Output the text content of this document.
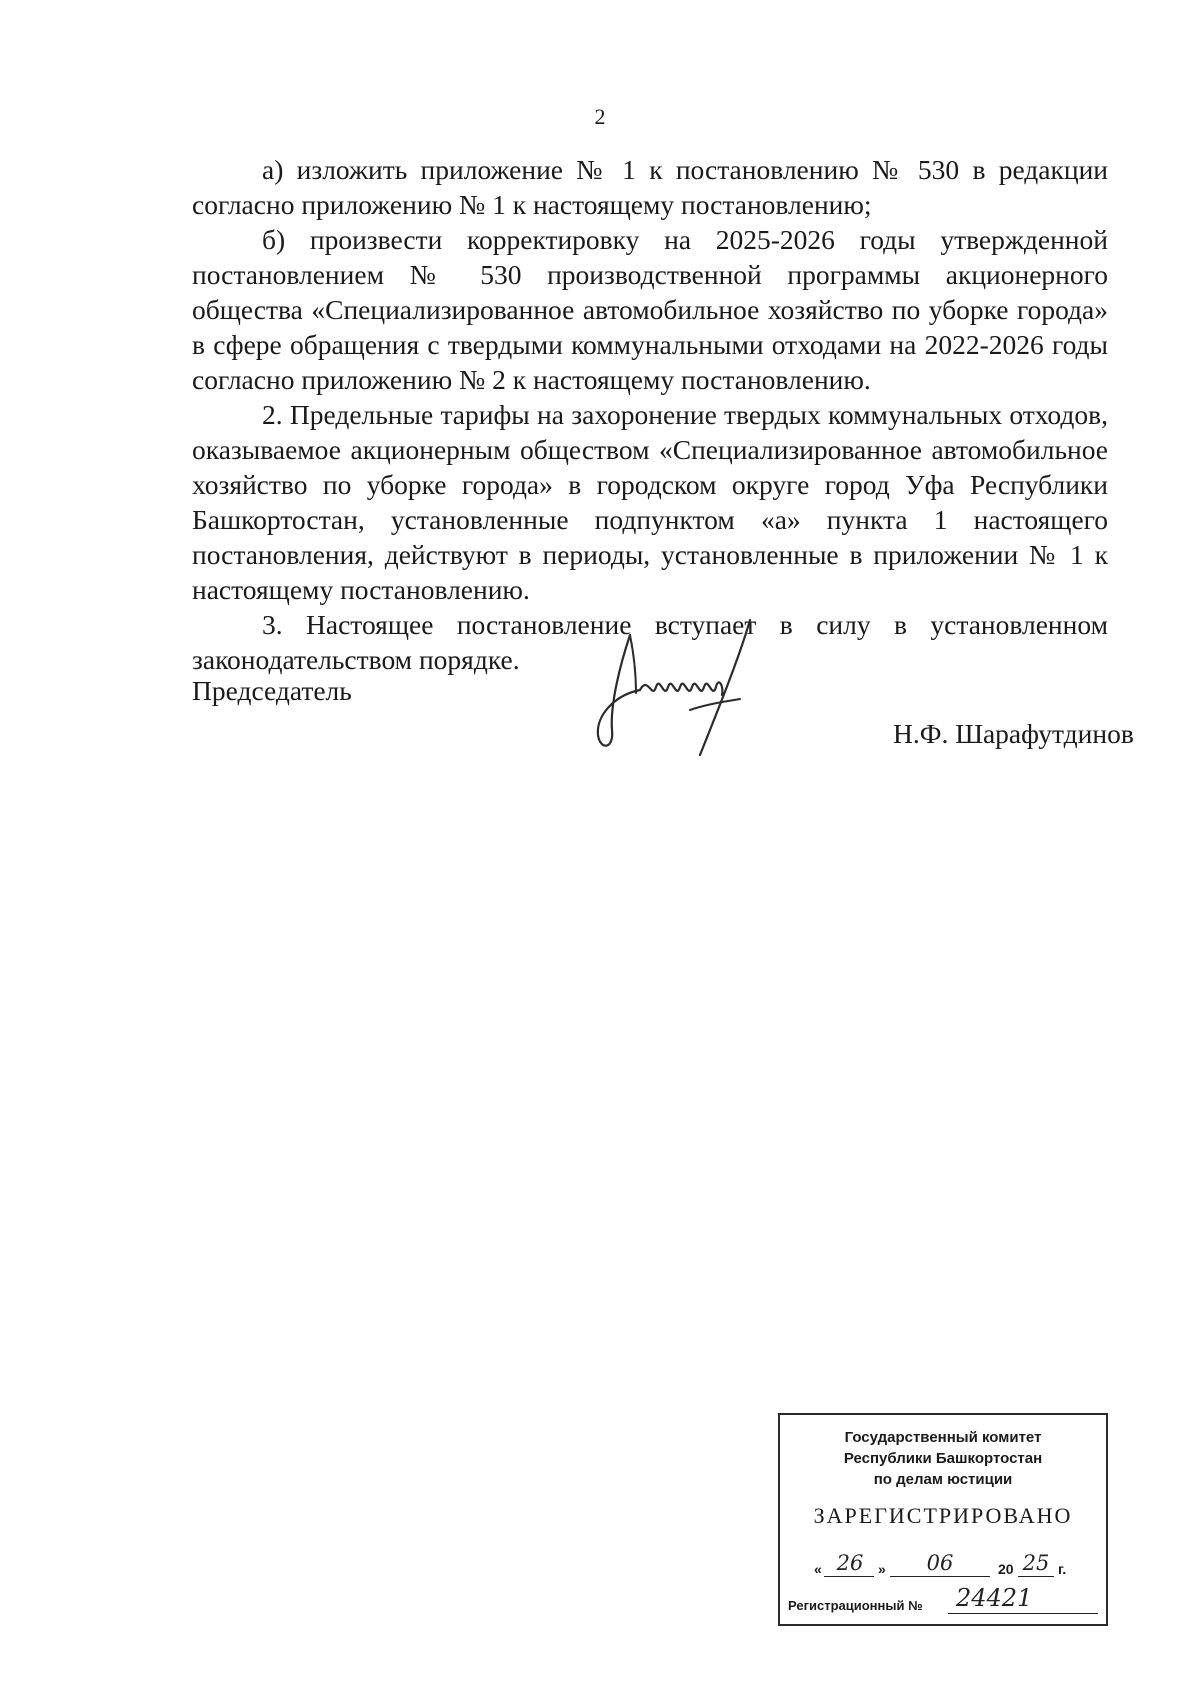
2

а) изложить приложение № 1 к постановлению № 530 в редакции согласно приложению № 1 к настоящему постановлению;

б) произвести корректировку на 2025-2026 годы утвержденной постановлением № 530 производственной программы акционерного общества «Специализированное автомобильное хозяйство по уборке города» в сфере обращения с твердыми коммунальными отходами на 2022-2026 годы согласно приложению № 2 к настоящему постановлению.

2. Предельные тарифы на захоронение твердых коммунальных отходов, оказываемое акционерным обществом «Специализированное автомобильное хозяйство по уборке города» в городском округе город Уфа Республики Башкортостан, установленные подпунктом «а» пункта 1 настоящего постановления, действуют в периоды, установленные в приложении № 1 к настоящему постановлению.

3. Настоящее постановление вступает в силу в установленном законодательством порядке.

Председатель
Н.Ф. Шарафутдинов
Государственный комитет
Республики Башкортостан
по делам юстиции
ЗАРЕГИСТРИРОВАНО
« 26	»	06	20 25 г.
Регистрационный № 24421
